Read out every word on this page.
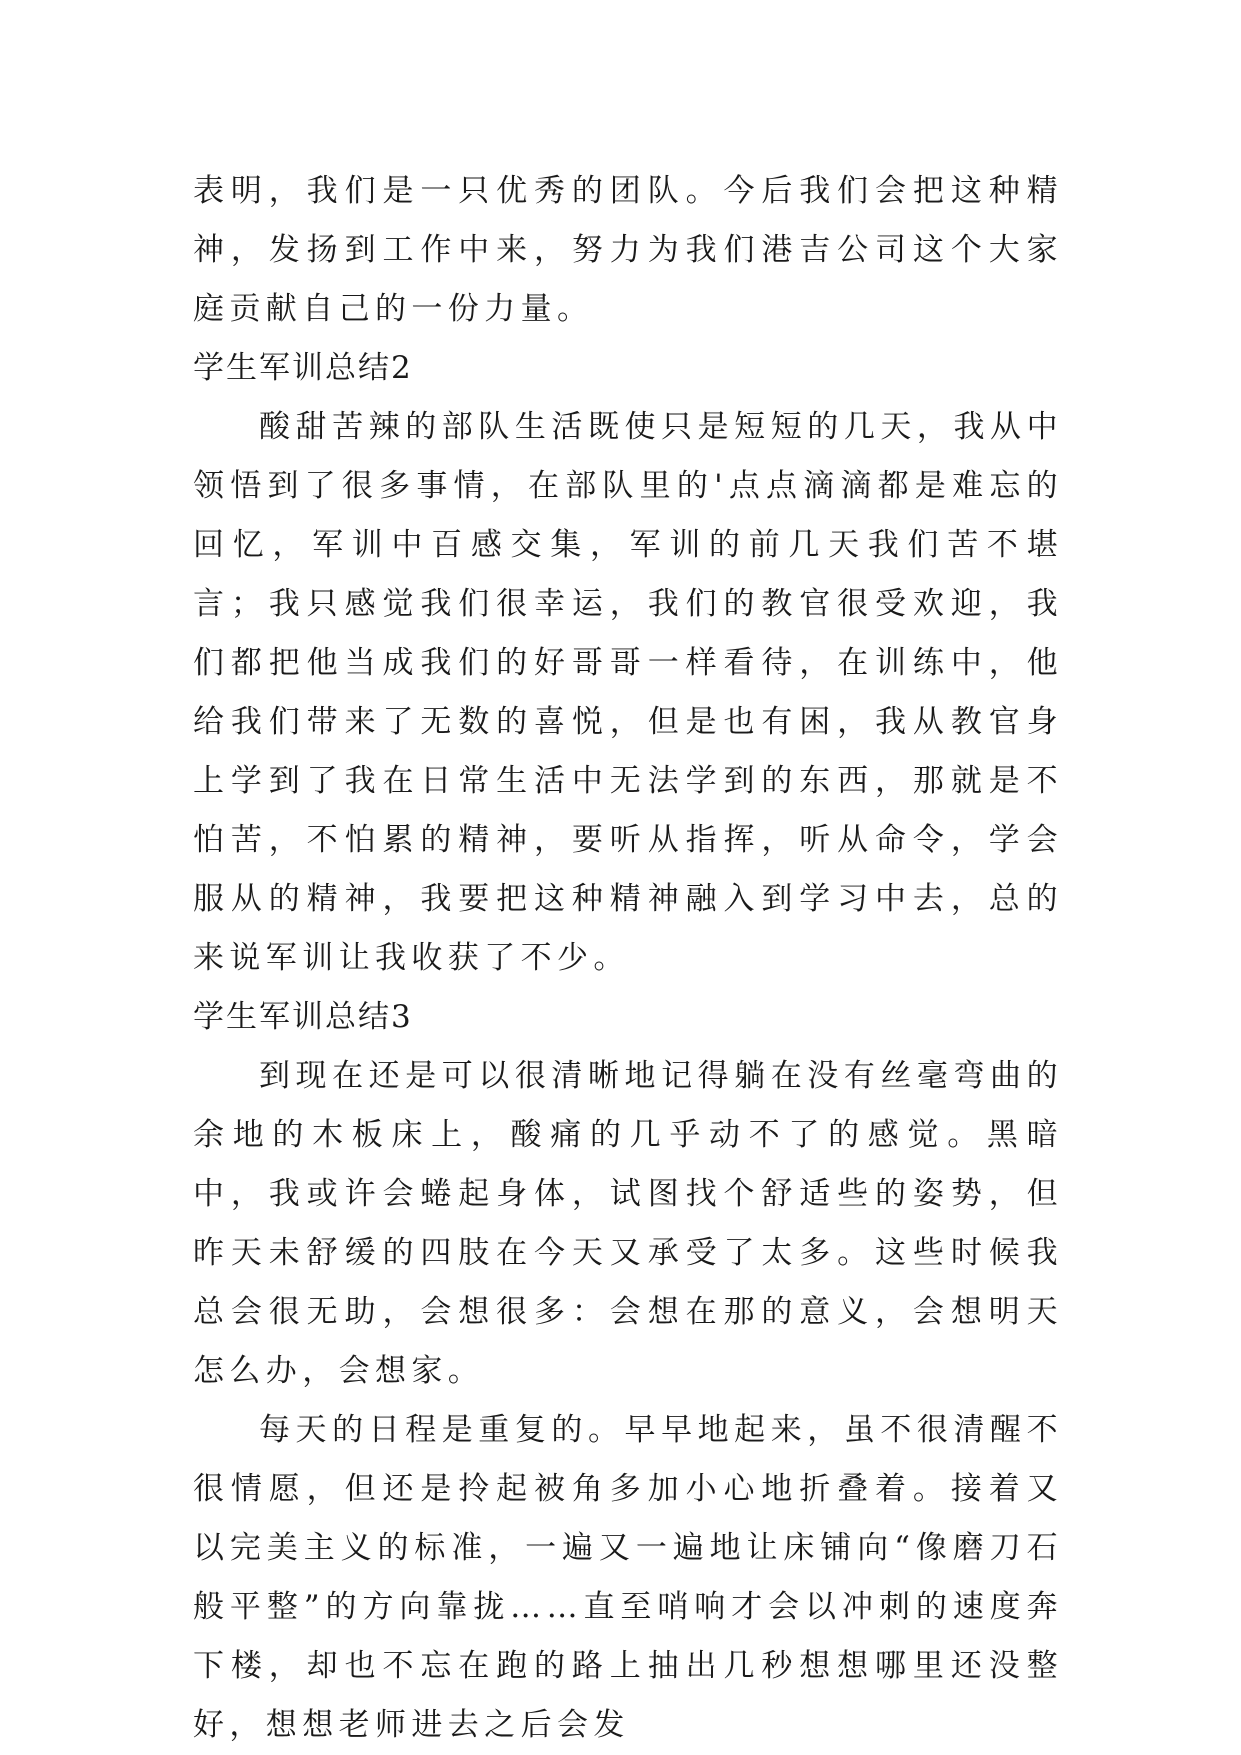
表明，我们是一只优秀的团队。今后我们会把这种精神，发扬到工作中来，努力为我们港吉公司这个大家庭贡献自己的一份力量。

学生军训总结2

酸甜苦辣的部队生活既使只是短短的几天，我从中领悟到了很多事情，在部队里的'点点滴滴都是难忘的回忆，军训中百感交集，军训的前几天我们苦不堪言；我只感觉我们很幸运，我们的教官很受欢迎，我们都把他当成我们的好哥哥一样看待，在训练中，他给我们带来了无数的喜悦，但是也有困，我从教官身上学到了我在日常生活中无法学到的东西，那就是不怕苦，不怕累的精神，要听从指挥，听从命令，学会服从的精神，我要把这种精神融入到学习中去，总的来说军训让我收获了不少。

学生军训总结3

到现在还是可以很清晰地记得躺在没有丝毫弯曲的余地的木板床上，酸痛的几乎动不了的感觉。黑暗中，我或许会蜷起身体，试图找个舒适些的姿势，但昨天未舒缓的四肢在今天又承受了太多。这些时候我总会很无助，会想很多：会想在那的意义，会想明天怎么办，会想家。

每天的日程是重复的。早早地起来，虽不很清醒不很情愿，但还是拎起被角多加小心地折叠着。接着又以完美主义的标准，一遍又一遍地让床铺向“像磨刀石般平整”的方向靠拢……直至哨响才会以冲刺的速度奔下楼，却也不忘在跑的路上抽出几秒想想哪里还没整好，想想老师进去之后会发
